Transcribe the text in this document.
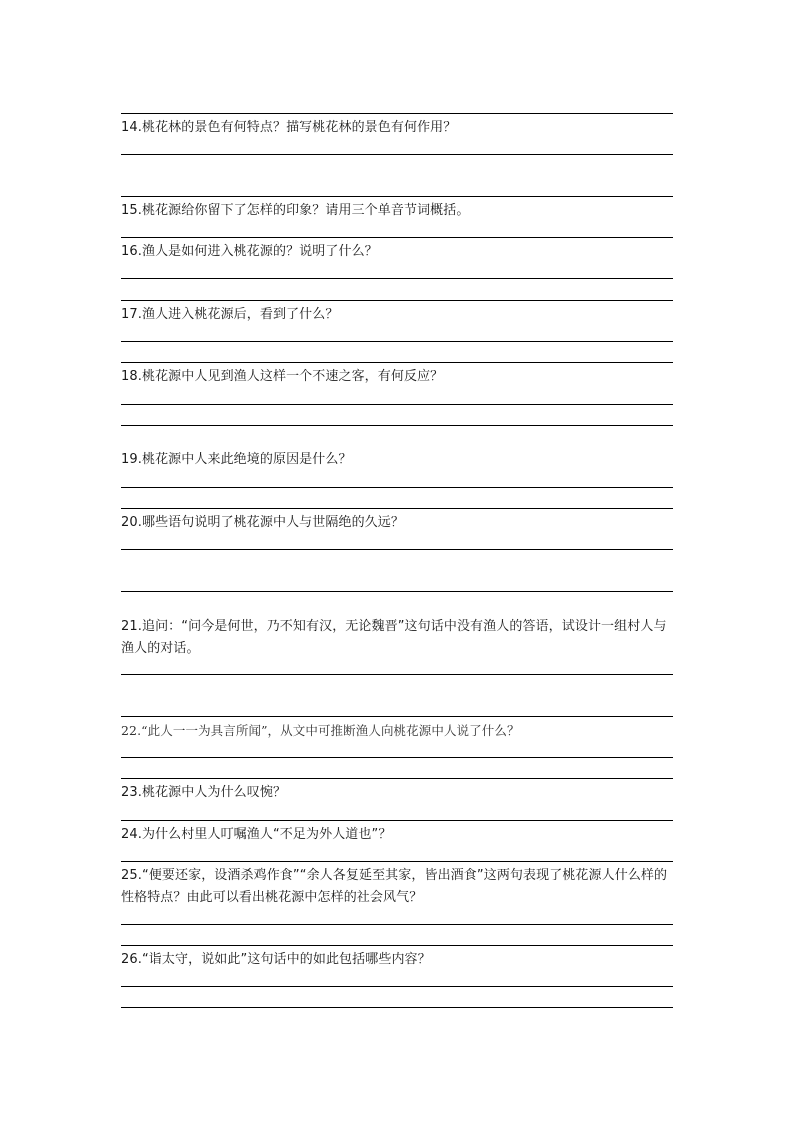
14.桃花林的景色有何特点？描写桃花林的景色有何作用？
15.桃花源给你留下了怎样的印象？请用三个单音节词概括。
16.渔人是如何进入桃花源的？说明了什么？
17.渔人进入桃花源后，看到了什么？
18.桃花源中人见到渔人这样一个不速之客，有何反应？
19.桃花源中人来此绝境的原因是什么？
20.哪些语句说明了桃花源中人与世隔绝的久远？
21.追问：“问今是何世，乃不知有汉，无论魏晋”这句话中没有渔人的答语，试设计一组村人与渔人的对话。
22.“此人一一为具言所闻”，从文中可推断渔人向桃花源中人说了什么？
23.桃花源中人为什么叹惋？
24.为什么村里人叮嘱渔人“不足为外人道也”？
25.“便要还家，设酒杀鸡作食”“余人各复延至其家，皆出酒食”这两句表现了桃花源人什么样的性格特点？由此可以看出桃花源中怎样的社会风气？
26.“诣太守，说如此”这句话中的如此包括哪些内容？
